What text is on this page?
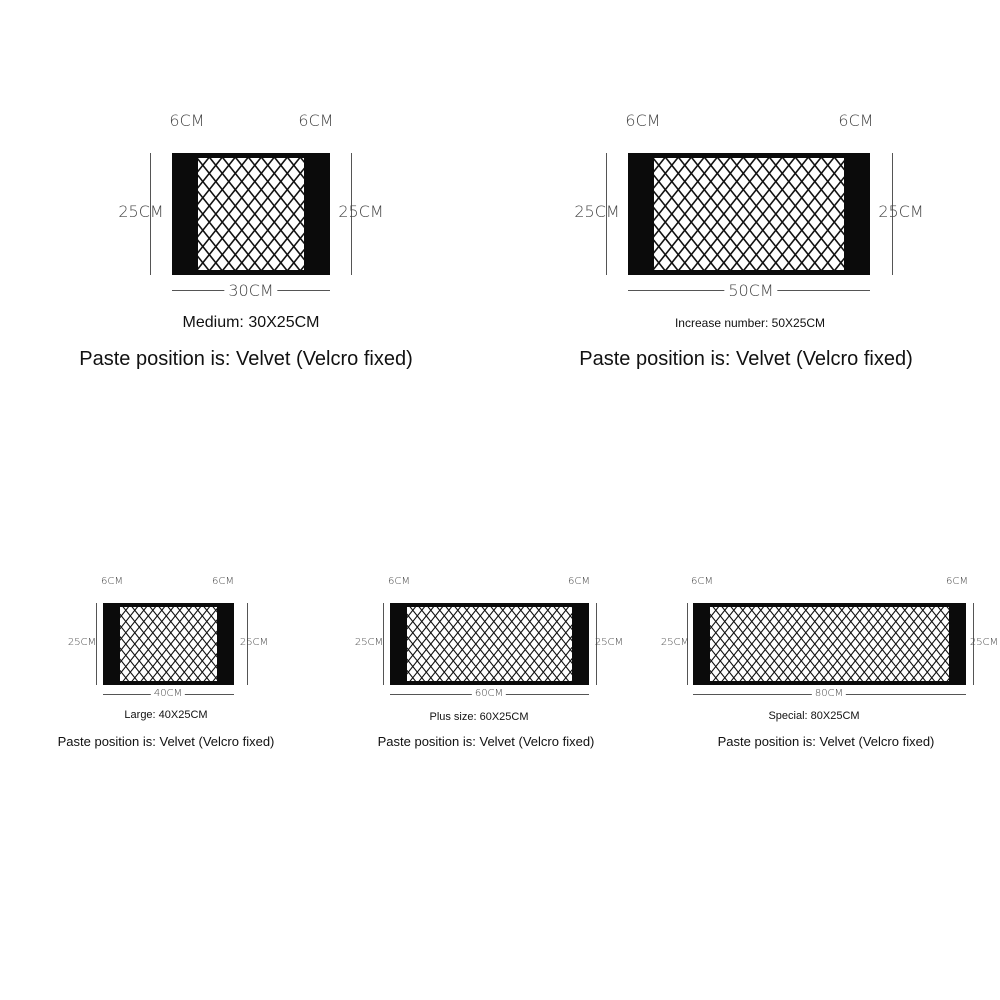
6CM	6CM
25CM	25CM
30CM
Medium: 30X25CM
Paste position is: Velvet (Velcro fixed)
6CM	6CM
25CM	25CM
50CM
Increase number: 50X25CM
Paste position is: Velvet (Velcro fixed)
6CM	6CM
25CM	25CM
40CM
Large: 40X25CM
Paste position is: Velvet (Velcro fixed)
6CM	6CM
25CM	25CM
60CM
Plus size: 60X25CM
Paste position is: Velvet (Velcro fixed)
6CM	6CM
25CM	25CM
80CM
Special: 80X25CM
Paste position is: Velvet (Velcro fixed)
